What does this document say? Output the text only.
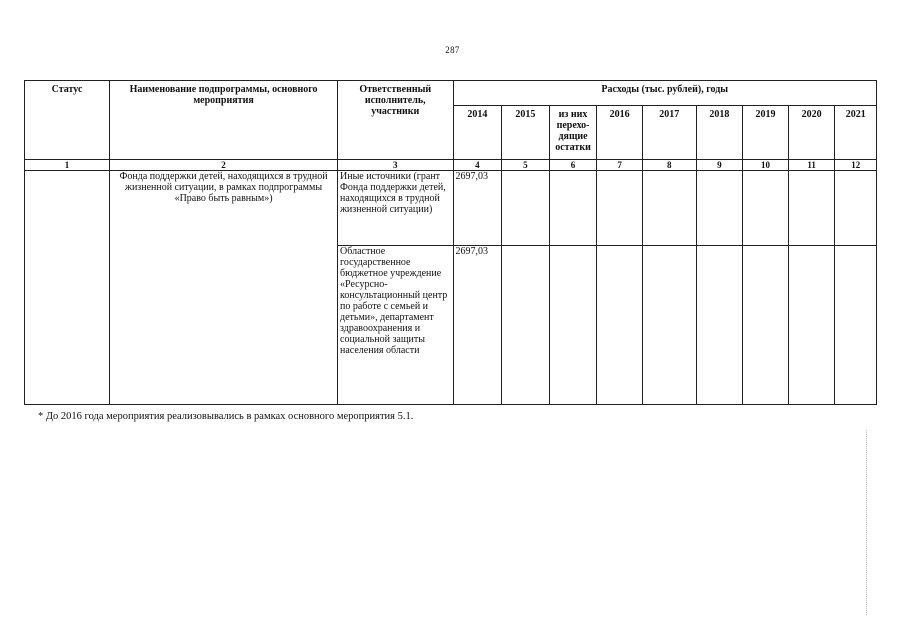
287
Статус	Наименование подпрограммы, основного мероприятия	Ответственный исполнитель, участники	Расходы (тыс. рублей), годы								
			2014	2015	из них перехо-дящие остатки	2016	2017	2018	2019	2020	2021
1	2	3	4	5	6	7	8	9	10	11	12
	Фонда поддержки детей, находящихся в трудной жизненной ситуации, в рамках подпрограммы «Право быть равным»)	Иные источники (грант Фонда поддержки детей, находящихся в трудной жизненной ситуации)	2697,03								
		Областное государственное бюджетное учреждение «Ресурсно-консультационный центр по работе с семьей и детьми», департамент здравоохранения и социальной защиты населения области	2697,03								
* До 2016 года мероприятия реализовывались в рамках основного мероприятия 5.1.
